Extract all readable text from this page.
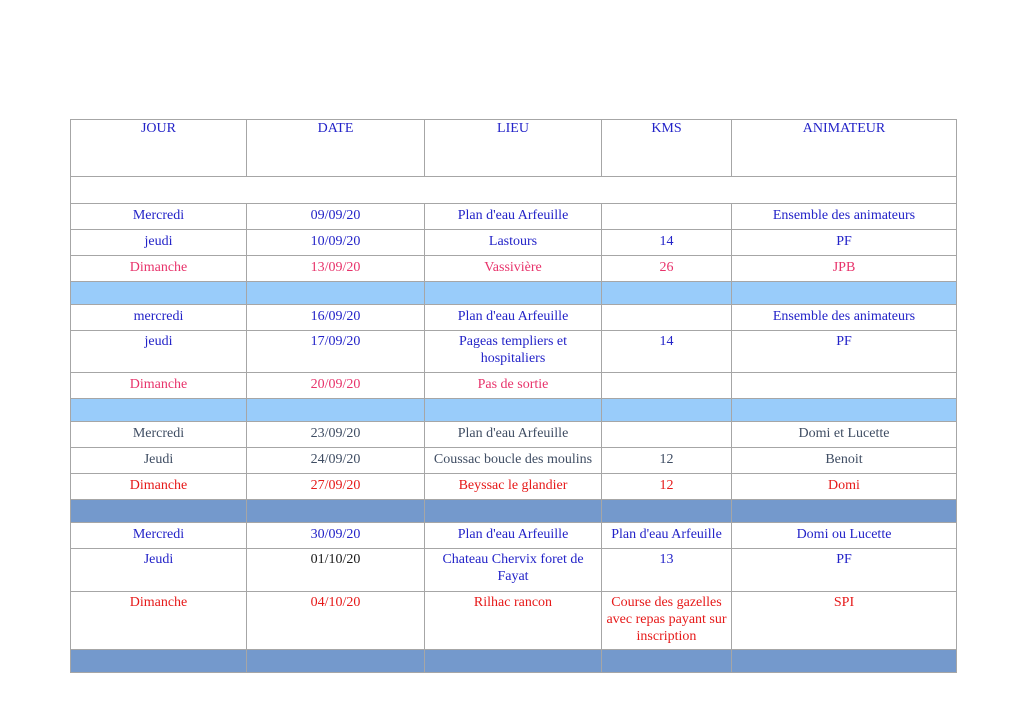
JOUR	DATE	LIEU	KMS	ANIMATEUR

Mercredi	09/09/20	Plan d'eau Arfeuille		Ensemble des animateurs
jeudi	10/09/20	Lastours	14	PF
Dimanche	13/09/20	Vassivière	26	JPB

mercredi	16/09/20	Plan d'eau Arfeuille		Ensemble des animateurs
jeudi	17/09/20	Pageas templiers et hospitaliers	14	PF
Dimanche	20/09/20	Pas de sortie		

Mercredi	23/09/20	Plan d'eau Arfeuille		Domi et Lucette
Jeudi	24/09/20	Coussac boucle des moulins	12	Benoit
Dimanche	27/09/20	Beyssac le glandier	12	Domi

Mercredi	30/09/20	Plan d'eau Arfeuille	Plan d'eau Arfeuille	Domi ou Lucette
Jeudi	01/10/20	Chateau Chervix foret de Fayat	13	PF
Dimanche	04/10/20	Rilhac rancon	Course des gazelles avec repas payant sur inscription	SPI
